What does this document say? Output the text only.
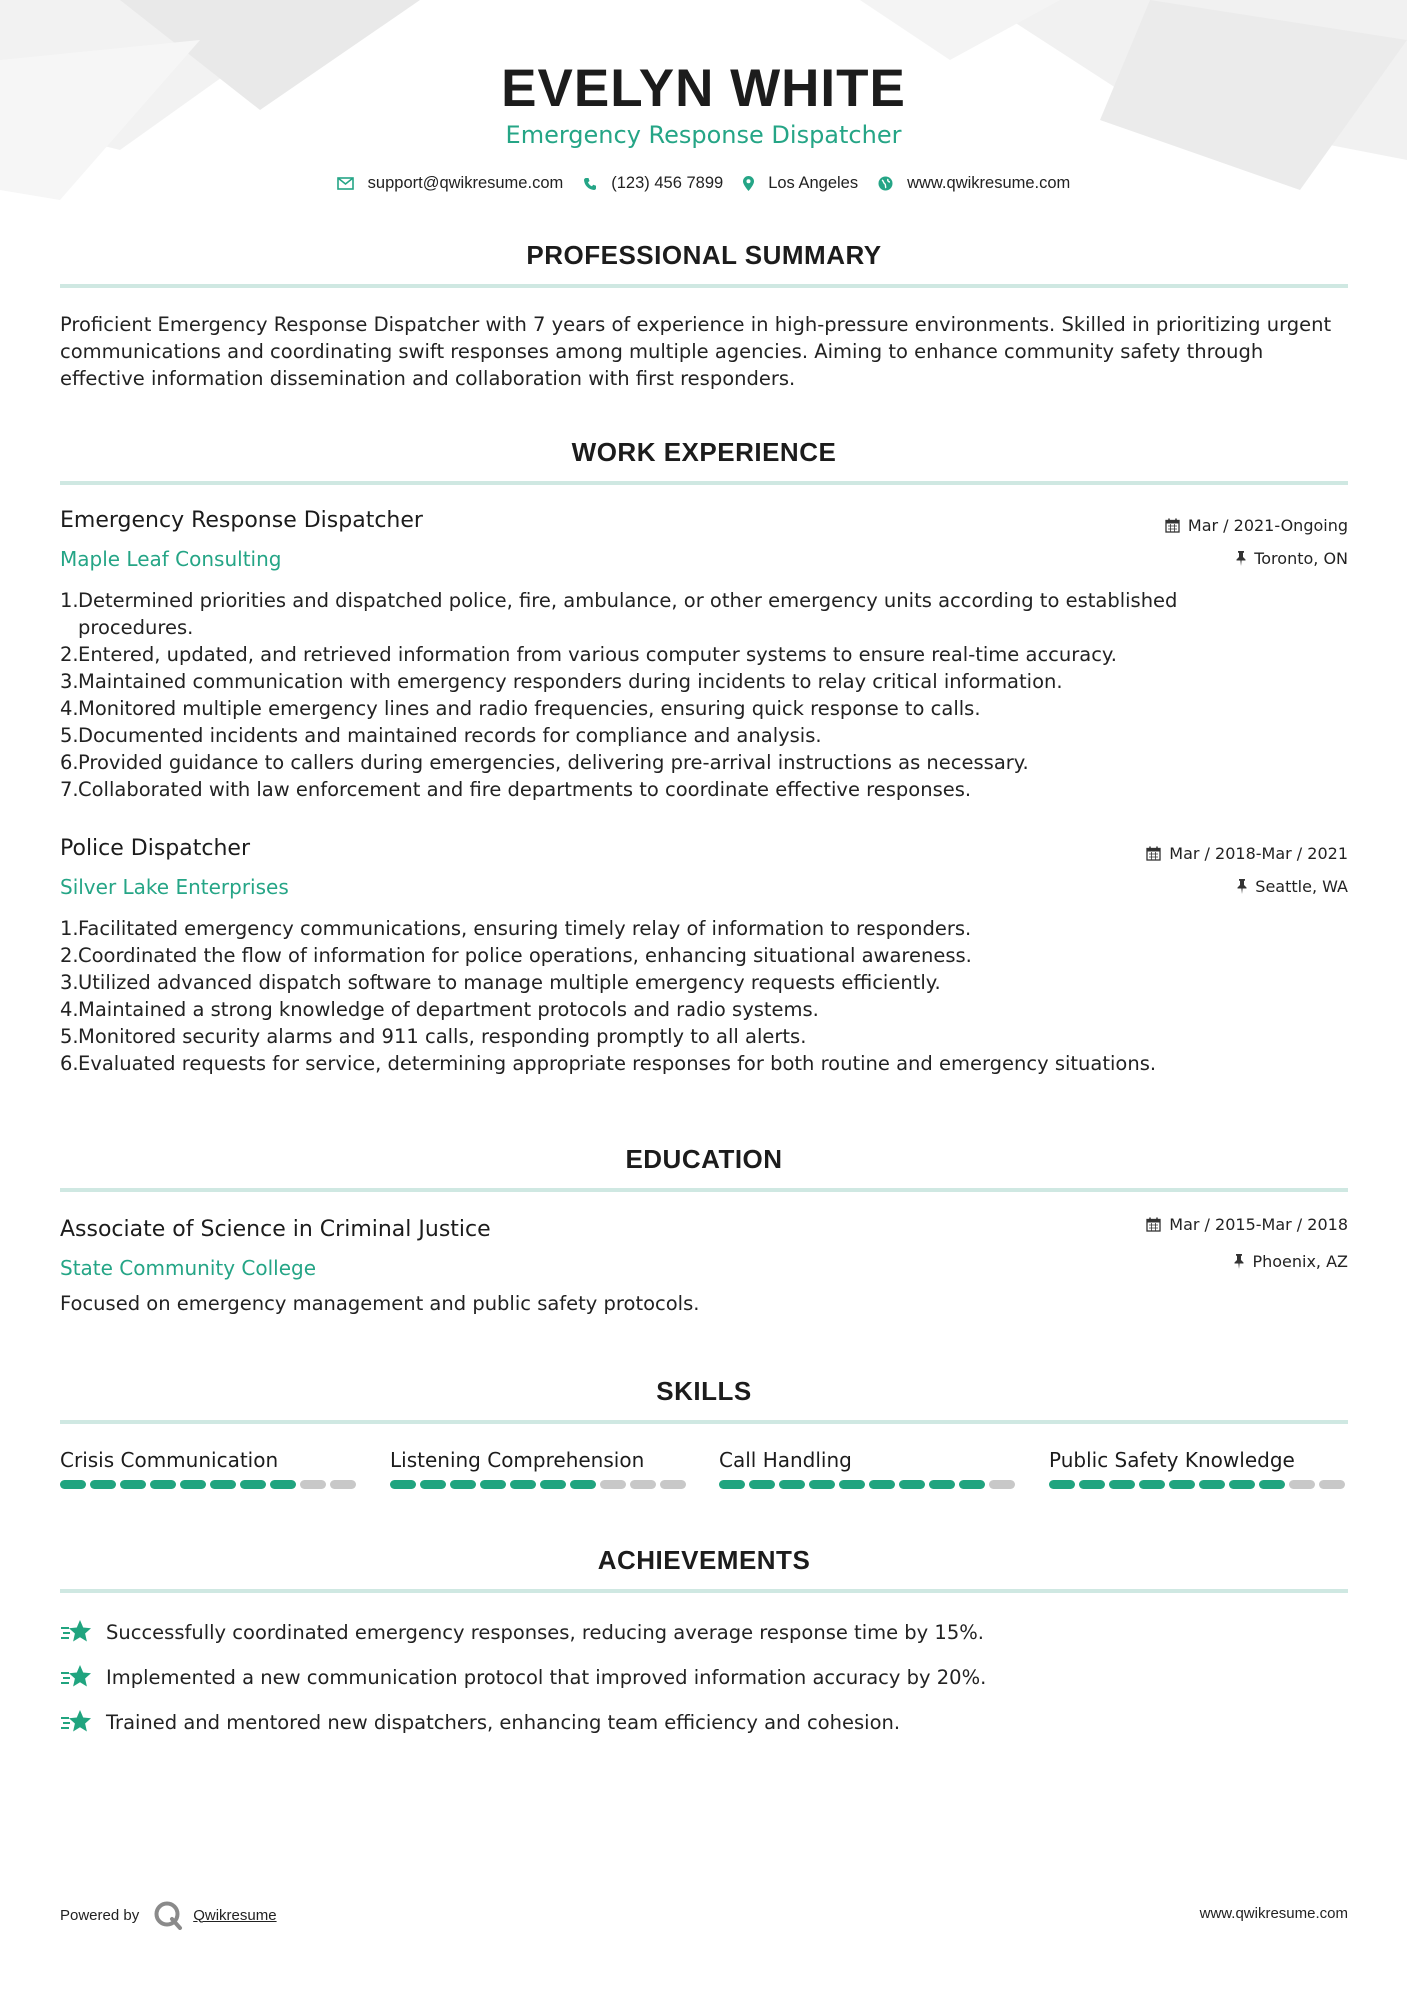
EVELYN WHITE
Emergency Response Dispatcher
support@qwikresume.com	(123) 456 7899	Los Angeles	www.qwikresume.com
PROFESSIONAL SUMMARY
Proficient Emergency Response Dispatcher with 7 years of experience in high-pressure environments. Skilled in prioritizing urgent communications and coordinating swift responses among multiple agencies. Aiming to enhance community safety through effective information dissemination and collaboration with first responders.
WORK EXPERIENCE
Emergency Response Dispatcher
Maple Leaf Consulting
Mar / 2021-Ongoing
Toronto, ON
1. Determined priorities and dispatched police, fire, ambulance, or other emergency units according to established procedures.
2. Entered, updated, and retrieved information from various computer systems to ensure real-time accuracy.
3. Maintained communication with emergency responders during incidents to relay critical information.
4. Monitored multiple emergency lines and radio frequencies, ensuring quick response to calls.
5. Documented incidents and maintained records for compliance and analysis.
6. Provided guidance to callers during emergencies, delivering pre-arrival instructions as necessary.
7. Collaborated with law enforcement and fire departments to coordinate effective responses.
Police Dispatcher
Silver Lake Enterprises
Mar / 2018-Mar / 2021
Seattle, WA
1. Facilitated emergency communications, ensuring timely relay of information to responders.
2. Coordinated the flow of information for police operations, enhancing situational awareness.
3. Utilized advanced dispatch software to manage multiple emergency requests efficiently.
4. Maintained a strong knowledge of department protocols and radio systems.
5. Monitored security alarms and 911 calls, responding promptly to all alerts.
6. Evaluated requests for service, determining appropriate responses for both routine and emergency situations.
EDUCATION
Associate of Science in Criminal Justice
State Community College
Mar / 2015-Mar / 2018
Phoenix, AZ
Focused on emergency management and public safety protocols.
SKILLS
Crisis Communication	Listening Comprehension	Call Handling	Public Safety Knowledge
ACHIEVEMENTS
Successfully coordinated emergency responses, reducing average response time by 15%.
Implemented a new communication protocol that improved information accuracy by 20%.
Trained and mentored new dispatchers, enhancing team efficiency and cohesion.
Powered by	Qwikresume	www.qwikresume.com
